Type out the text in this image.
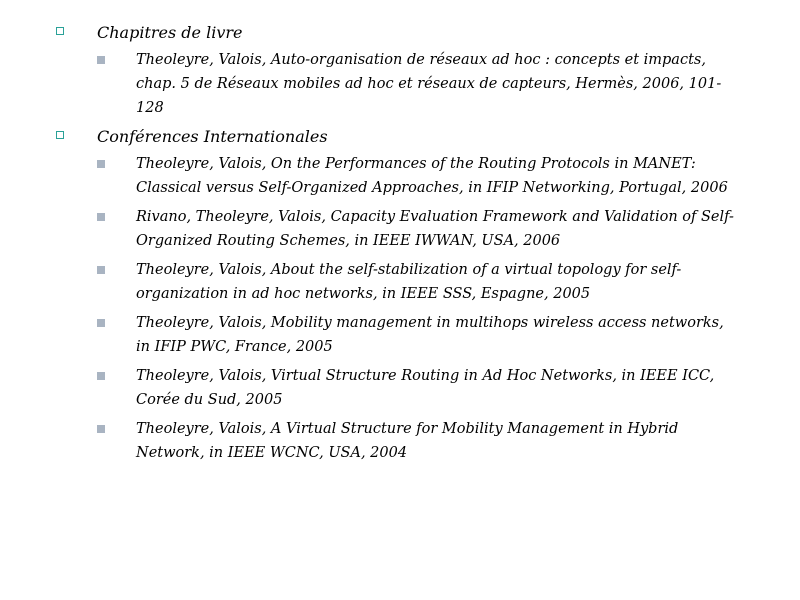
Chapitres de livre
Theoleyre, Valois, Auto-organisation de réseaux ad hoc : concepts et impacts, chap. 5 de Réseaux mobiles ad hoc et réseaux de capteurs, Hermès, 2006, 101-128
Conférences Internationales
Theoleyre, Valois, On the Performances of the Routing Protocols in MANET: Classical versus Self-Organized Approaches, in IFIP Networking, Portugal, 2006
Rivano, Theoleyre, Valois, Capacity Evaluation Framework and Validation of Self-Organized Routing Schemes, in IEEE IWWAN, USA, 2006
Theoleyre, Valois, About the self-stabilization of a virtual topology for self-organization in ad hoc networks, in IEEE SSS, Espagne, 2005
Theoleyre, Valois, Mobility management in multihops wireless access networks, in IFIP PWC, France, 2005
Theoleyre, Valois, Virtual Structure Routing in Ad Hoc Networks, in IEEE ICC, Corée du Sud, 2005
Theoleyre, Valois, A Virtual Structure for Mobility Management in Hybrid Network, in IEEE WCNC, USA, 2004
